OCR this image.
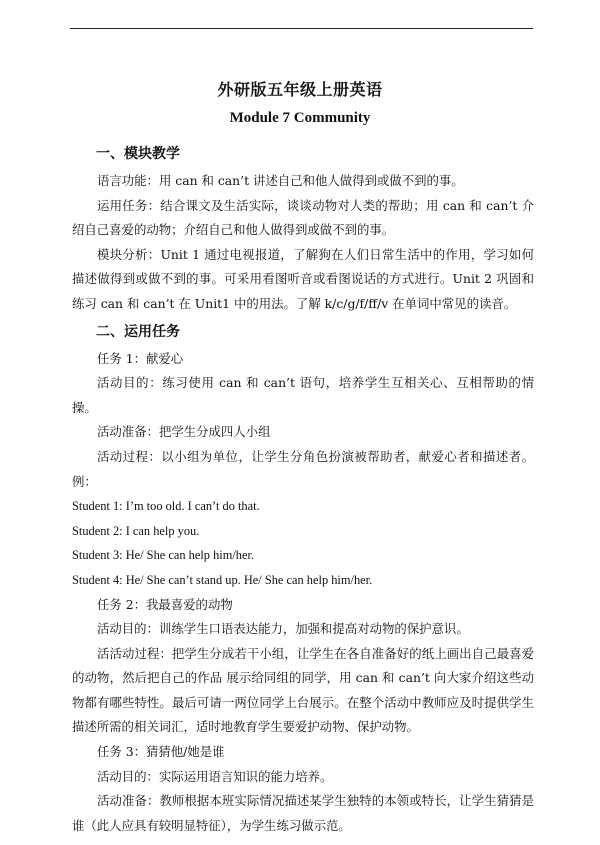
外研版五年级上册英语
Module 7 Community
一、模块教学

语言功能：用 can 和 can’t 讲述自己和他人做得到或做不到的事。

运用任务：结合课文及生活实际，谈谈动物对人类的帮助；用 can 和 can’t 介绍自己喜爱的动物；介绍自己和他人做得到或做不到的事。

模块分析：Unit 1 通过电视报道，了解狗在人们日常生活中的作用，学习如何描述做得到或做不到的事。可采用看图听音或看图说话的方式进行。Unit 2 巩固和练习 can 和 can’t 在 Unit1 中的用法。了解 k/c/g/f/ff/v 在单词中常见的读音。

二、运用任务

任务 1：献爱心

活动目的：练习使用 can 和 can’t 语句，培养学生互相关心、互相帮助的情操。

活动准备：把学生分成四人小组

活动过程：以小组为单位，让学生分角色扮演被帮助者，献爱心者和描述者。例：

Student 1: I’m too old. I can’t do that.

Student 2: I can help you.

Student 3: He/ She can help him/her.

Student 4: He/ She can’t stand up. He/ She can help him/her.

任务 2：我最喜爱的动物

活动目的：训练学生口语表达能力，加强和提高对动物的保护意识。

活活动过程：把学生分成若干小组，让学生在各自准备好的纸上画出自己最喜爱的动物，然后把自己的作品 展示给同组的同学，用 can 和 can’t 向大家介绍这些动物都有哪些特性。最后可请一两位同学上台展示。在整个活动中教师应及时提供学生描述所需的相关词汇，适时地教育学生要爱护动物、保护动物。

任务 3：猜猜他/她是谁

活动目的：实际运用语言知识的能力培养。

活动准备：教师根据本班实际情况描述某学生独特的本领或特长，让学生猜猜是谁（此人应具有较明显特征），为学生练习做示范。
